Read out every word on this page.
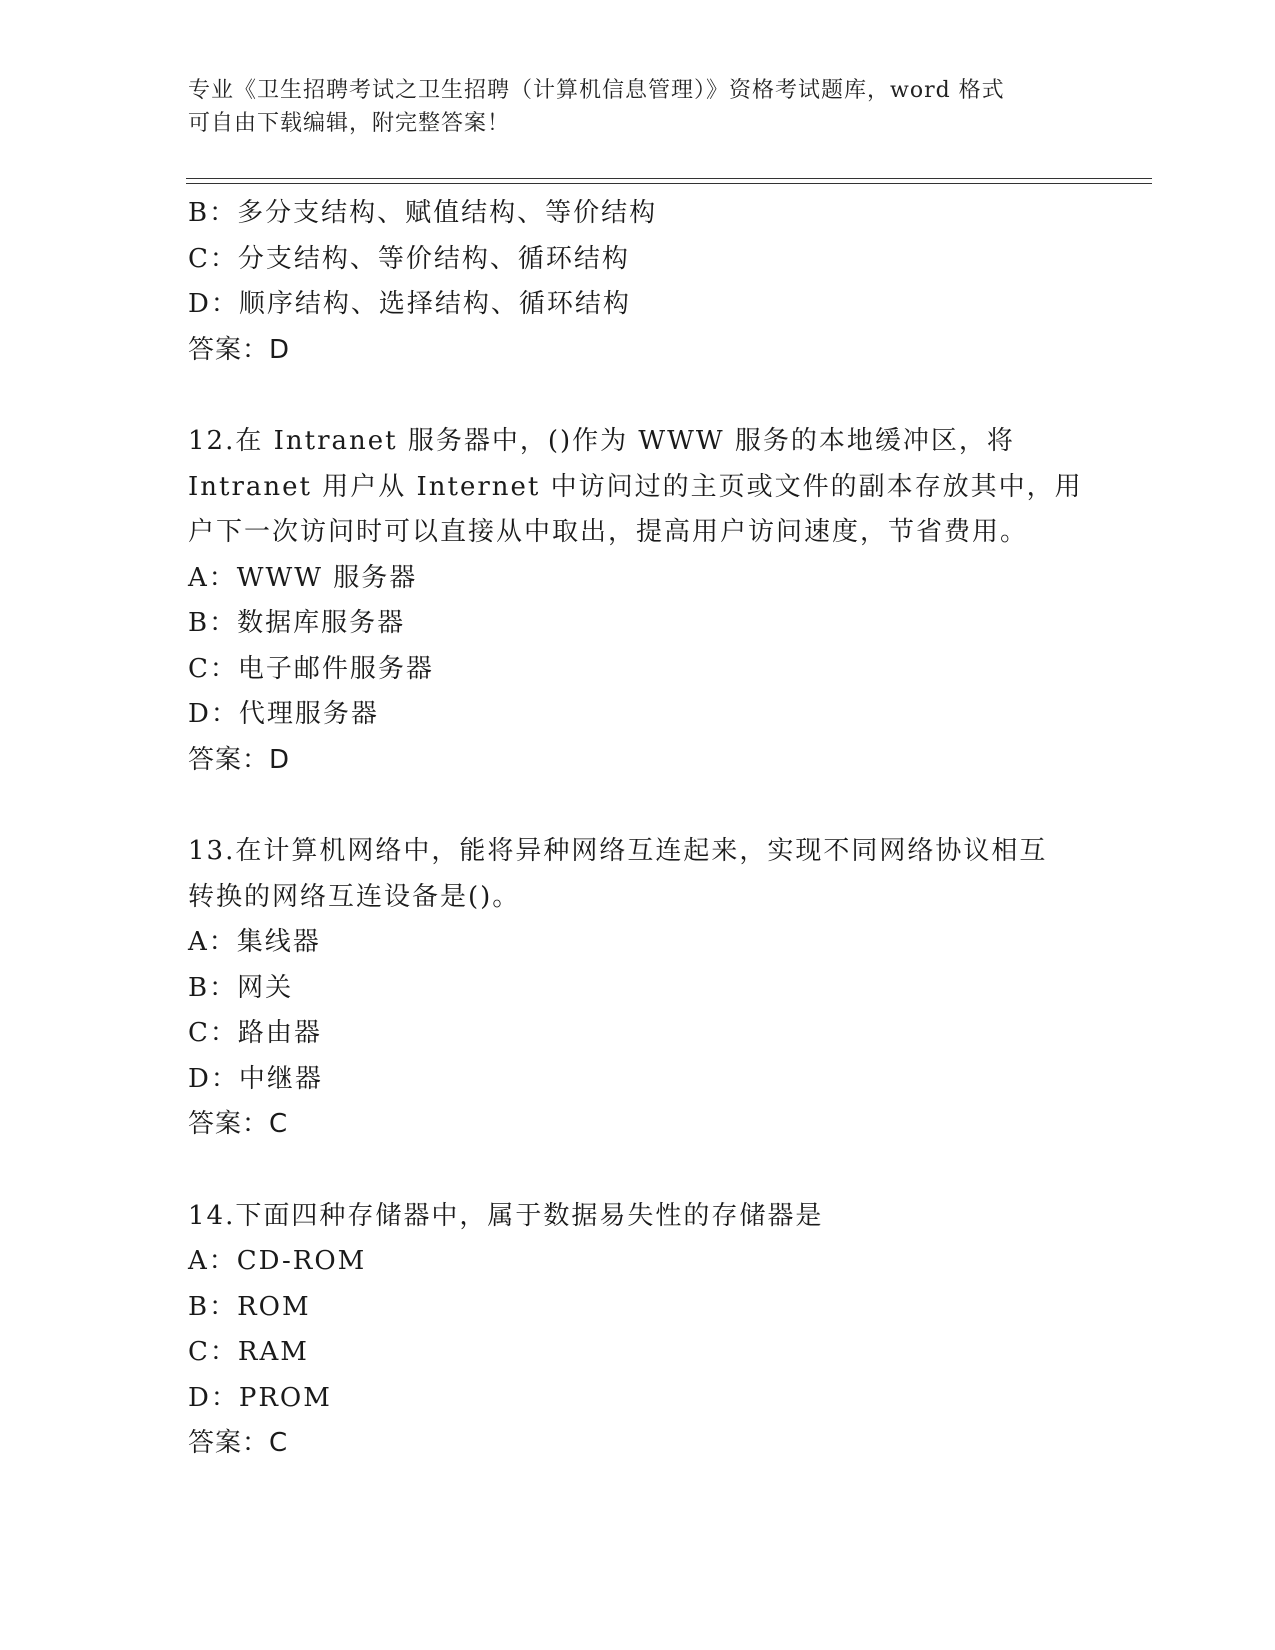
专业《卫生招聘考试之卫生招聘（计算机信息管理）》资格考试题库，word 格式
可自由下载编辑，附完整答案！
B：多分支结构、赋值结构、等价结构
C：分支结构、等价结构、循环结构
D：顺序结构、选择结构、循环结构
答案：D
12.在 Intranet 服务器中，()作为 WWW 服务的本地缓冲区，将
Intranet 用户从 Internet 中访问过的主页或文件的副本存放其中，用
户下一次访问时可以直接从中取出，提高用户访问速度，节省费用。
A：WWW 服务器
B：数据库服务器
C：电子邮件服务器
D：代理服务器
答案：D
13.在计算机网络中，能将异种网络互连起来，实现不同网络协议相互
转换的网络互连设备是()。
A：集线器
B：网关
C：路由器
D：中继器
答案：C
14.下面四种存储器中，属于数据易失性的存储器是
A：CD-ROM
B：ROM
C：RAM
D：PROM
答案：C
